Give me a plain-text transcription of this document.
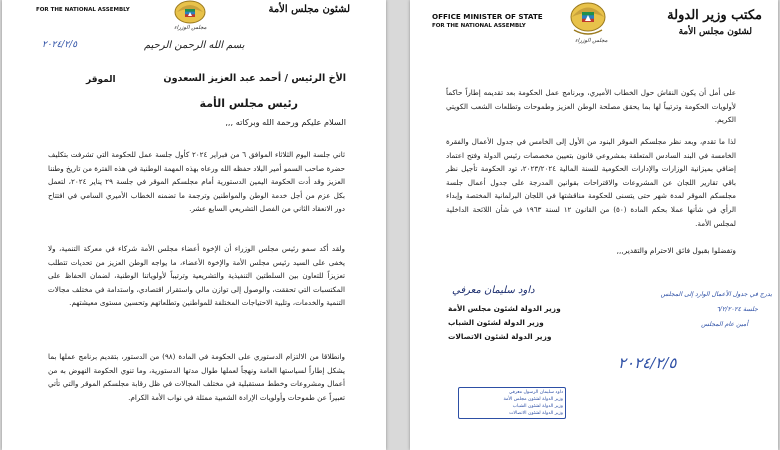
FOR THE NATIONAL ASSEMBLY	لشئون مجلس الأمة
مجلس الوزراء
بسم الله الرحمن الرحيم
٢٠٢٤/٢/٥
الأخ الرئيس / أحمد عبد العزيز السعدون
الموقر
رئيس مجلس الأمة
السلام عليكم ورحمة الله وبركاته ,,,
ثاني جلسة اليوم الثلاثاء الموافق ٦ من فبراير ٢٠٢٤ كأول جلسة عمل للحكومة التي تشرفت بتكليف حضرة صاحب السمو أمير البلاد حفظه الله ورعاه بهذه المهمة الوطنية في هذه الفترة من تاريخ وطننا العزيز وقد أدت الحكومة اليمين الدستورية أمام مجلسكم الموقر في جلسة ٢٩ يناير ٢٠٢٤، لتعمل بكل عزم من أجل خدمة الوطن والمواطنين وترجمة ما تضمنه الخطاب الأميري السامي في افتتاح دور الانعقاد الثاني من الفصل التشريعي السابع عشر.
ولقد أكد سمو رئيس مجلس الوزراء أن الإخوة أعضاء مجلس الأمة شركاء في معركة التنمية، ولا يخفى على السيد رئيس مجلس الأمة والإخوة الأعضاء، ما يواجه الوطن العزيز من تحديات تتطلب تعزيزاً للتعاون بين السلطتين التنفيذية والتشريعية وترتيباً لأولوياتنا الوطنية، لضمان الحفاظ على المكتسبات التي تحققت، والوصول إلى توازن مالي واستقرار اقتصادي، واستدامة في مختلف مجالات التنمية والخدمات، وتلبية الاحتياجات المختلفة للمواطنين وتطلعاتهم وتحسين مستوى معيشتهم.
وانطلاقا من الالتزام الدستوري على الحكومة في المادة (٩٨) من الدستور، بتقديم برنامج عملها بما يشكل إطاراً لسياستها العامة ونهجاً لعملها طوال مدتها الدستورية، وما تنوي الحكومة النهوض به من أعمال ومشروعات وخطط مستقبلية في مختلف المجالات في ظل رقابة مجلسكم الموقر والتي تأتي تعبيراً عن طموحات وأولويات الإرادة الشعبية ممثلة في نواب الأمة الكرام.
OFFICE MINISTER OF STATE
FOR THE NATIONAL ASSEMBLY
مجلس الوزراء
مكتب وزير الدولة
لشئون مجلس الأمة
على أمل أن يكون النقاش حول الخطاب الأميري، وبرنامج عمل الحكومة بعد تقديمه إطاراً حاكماً لأولويات الحكومة وترتيباً لها بما يحقق مصلحة الوطن العزيز وطموحات وتطلعات الشعب الكويتي الكريم.
لذا ما تقدم، وبعد نظر مجلسكم الموقر البنود من الأول إلى الخامس في جدول الأعمال والفقرة الخامسة في البند السادس المتعلقة بمشروعي قانون بتعيين مخصصات رئيس الدولة وفتح اعتماد إضافي بميزانية الوزارات والإدارات الحكومية للسنة المالية ٢٠٢٣/٢٠٢٤، تود الحكومة تأجيل نظر باقي تقارير اللجان عن المشروعات والاقتراحات بقوانين المدرجة على جدول أعمال جلسة مجلسكم الموقر لمدة شهر حتى يتسنى للحكومة مناقشتها في اللجان البرلمانية المختصة وإبداء الرأي في شأنها عملا بحكم المادة (٥٠) من القانون ١٢ لسنة ١٩٦٣ في شأن اللائحة الداخلية لمجلس الأمة.
وتفضلوا بقبول فائق الاحترام والتقدير,,,
داود سليمان معرفي
وزير الدولة لشئون مجلس الأمة
وزير الدولة لشئون الشباب
وزير الدولة لشئون الاتصالات
داود سليمان الرسول معرفي
وزير الدولة لشئون مجلس الأمة
وزير الدولة لشئون الشباب
وزير الدولة لشئون الاتصالات
يدرج في جدول الأعمال الوارد إلى المجلس
جلسة ٦/٢/٢٠٢٤
أمين عام المجلس
٢٠٢٤/٢/٥
